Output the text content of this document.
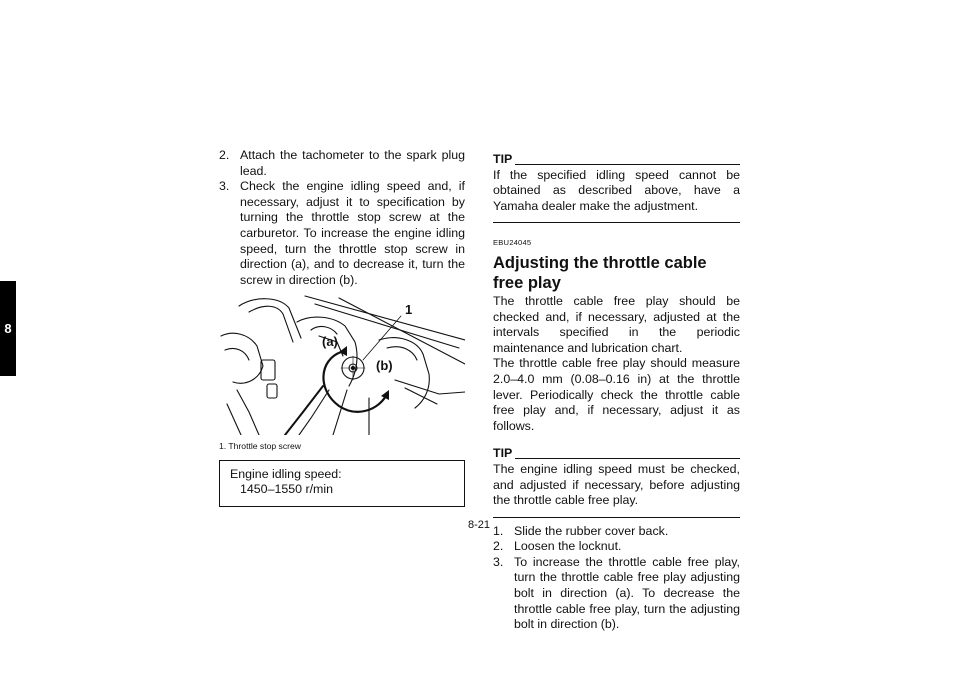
8
2. Attach the tachometer to the spark plug lead.
3. Check the engine idling speed and, if necessary, adjust it to specification by turning the throttle stop screw at the carburetor. To increase the engine idling speed, turn the throttle stop screw in direction (a), and to decrease it, turn the screw in direction (b).
1
(a)
(b)
1. Throttle stop screw
Engine idling speed:
1450–1550 r/min
TIP
If the specified idling speed cannot be obtained as described above, have a Yamaha dealer make the adjustment.
EBU24045
Adjusting the throttle cable free play
The throttle cable free play should be checked and, if necessary, adjusted at the intervals specified in the periodic maintenance and lubrication chart.
The throttle cable free play should measure 2.0–4.0 mm (0.08–0.16 in) at the throttle lever. Periodically check the throttle cable free play and, if necessary, adjust it as follows.
TIP
The engine idling speed must be checked, and adjusted if necessary, before adjusting the throttle cable free play.
1. Slide the rubber cover back.
2. Loosen the locknut.
3. To increase the throttle cable free play, turn the throttle cable free play adjusting bolt in direction (a). To decrease the throttle cable free play, turn the adjusting bolt in direction (b).
8-21
